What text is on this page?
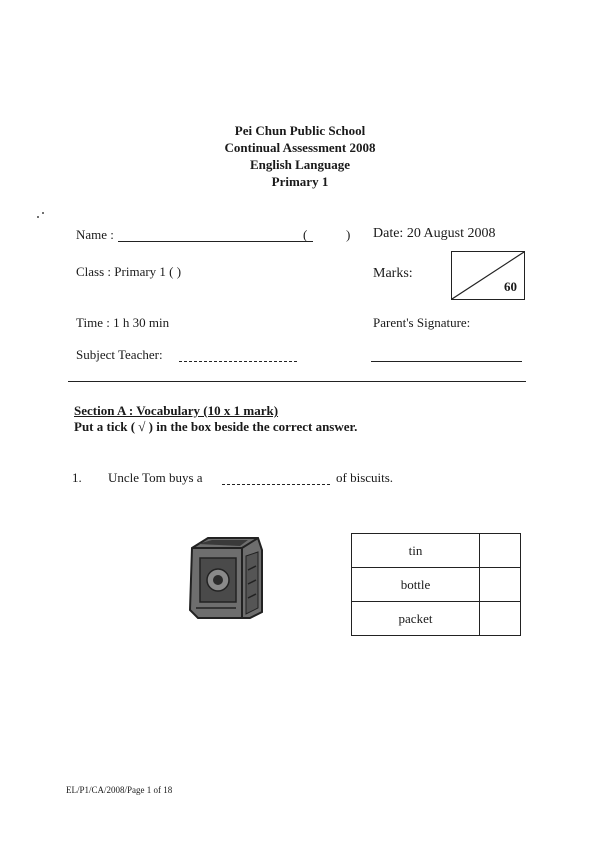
Pei Chun Public School
Continual Assessment 2008
English Language
Primary 1
Name :	(	) Date: 20 August 2008
Class : Primary 1 ( )	Marks:
60
Time : 1 h 30 min	Parent's Signature:
Subject Teacher:
Section A : Vocabulary (10 x 1 mark)
Put a tick ( √ ) in the box beside the correct answer.
1. Uncle Tom buys a	of biscuits.
tin	
bottle	
packet	
EL/P1/CA/2008/Page 1 of 18
